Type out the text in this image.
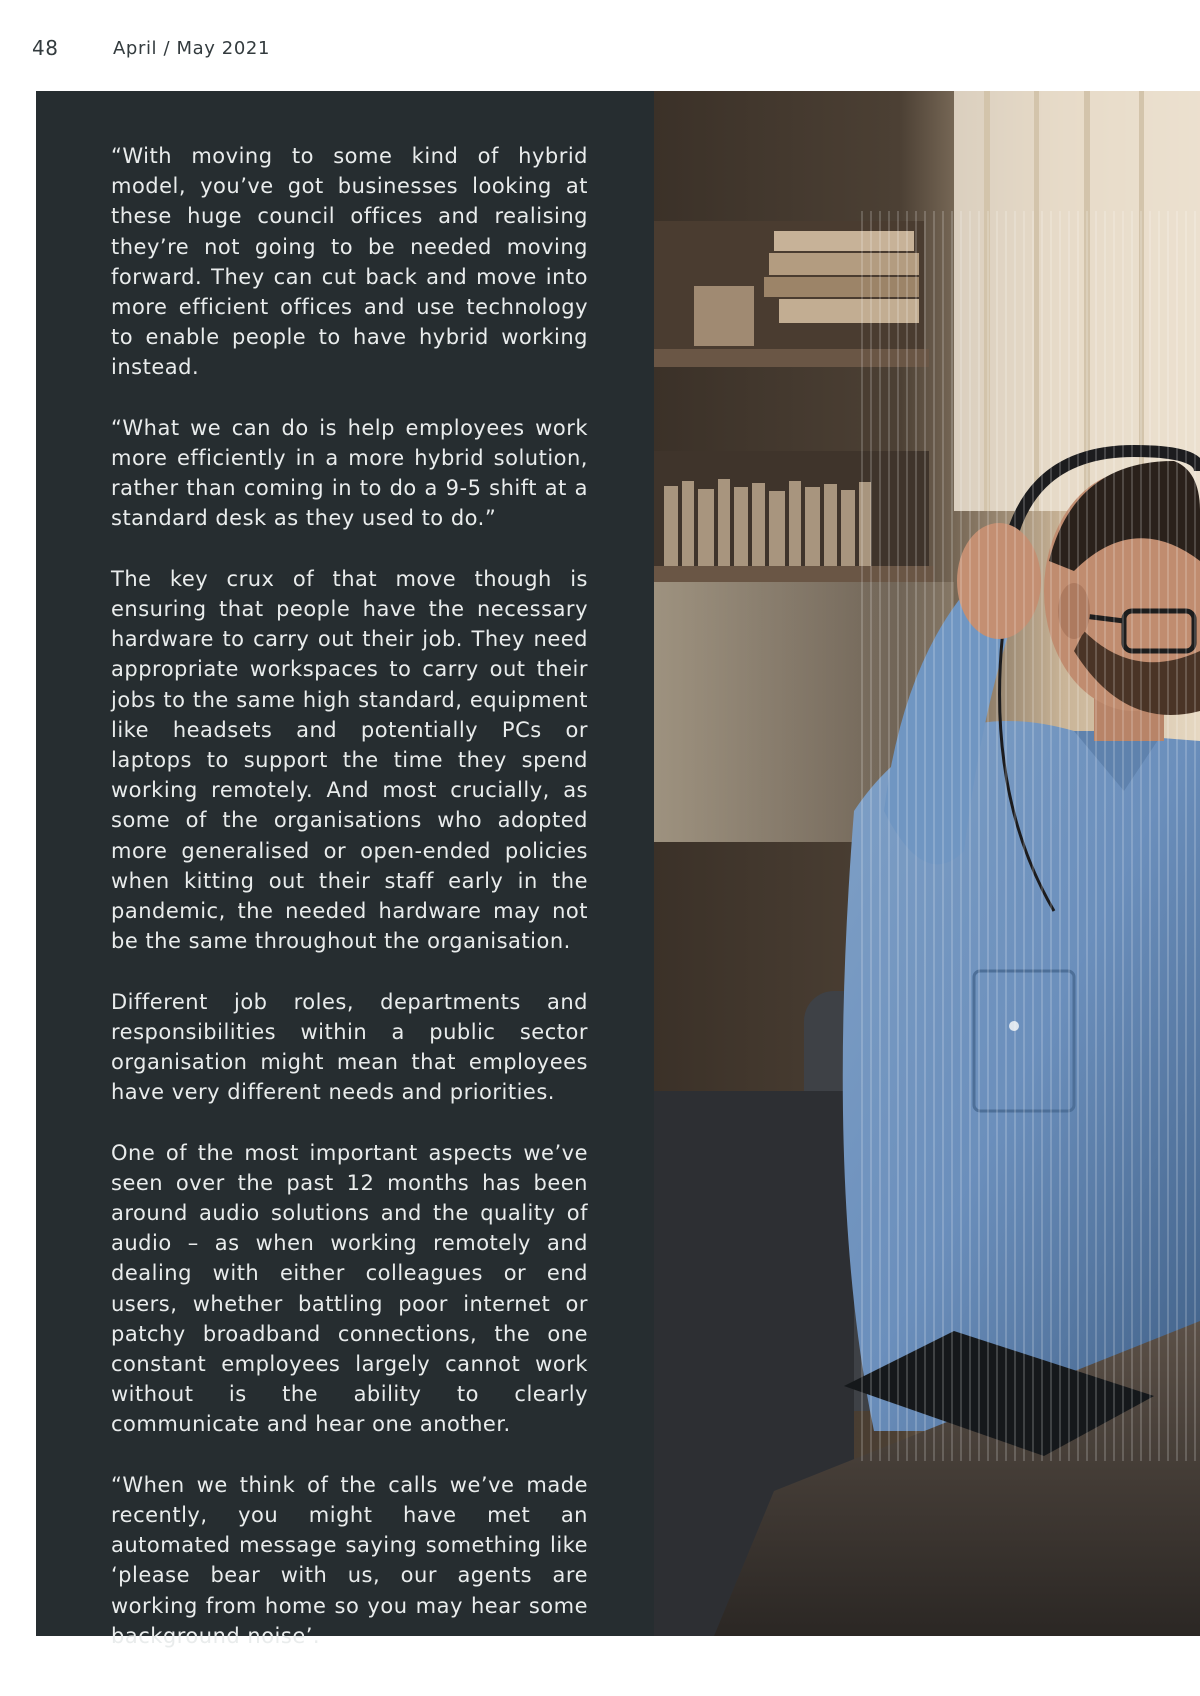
48	April / May 2021

“With moving to some kind of hybrid model, you’ve got businesses looking at these huge council offices and realising they’re not going to be needed moving forward. They can cut back and move into more efficient offices and use technology to enable people to have hybrid working instead.

“What we can do is help employees work more efficiently in a more hybrid solution, rather than coming in to do a 9-5 shift at a standard desk as they used to do.”

The key crux of that move though is ensuring that people have the necessary hardware to carry out their job. They need appropriate workspaces to carry out their jobs to the same high standard, equipment like headsets and potentially PCs or laptops to support the time they spend working remotely. And most crucially, as some of the organisations who adopted more generalised or open-ended policies when kitting out their staff early in the pandemic, the needed hardware may not be the same throughout the organisation.

Different job roles, departments and responsibilities within a public sector organisation might mean that employees have very different needs and priorities.

One of the most important aspects we’ve seen over the past 12 months has been around audio solutions and the quality of audio – as when working remotely and dealing with either colleagues or end users, whether battling poor internet or patchy broadband connections, the one constant employees largely cannot work without is the ability to clearly communicate and hear one another.

“When we think of the calls we’ve made recently, you might have met an automated message saying something like ‘please bear with us, our agents are working from home so you may hear some background noise’.
